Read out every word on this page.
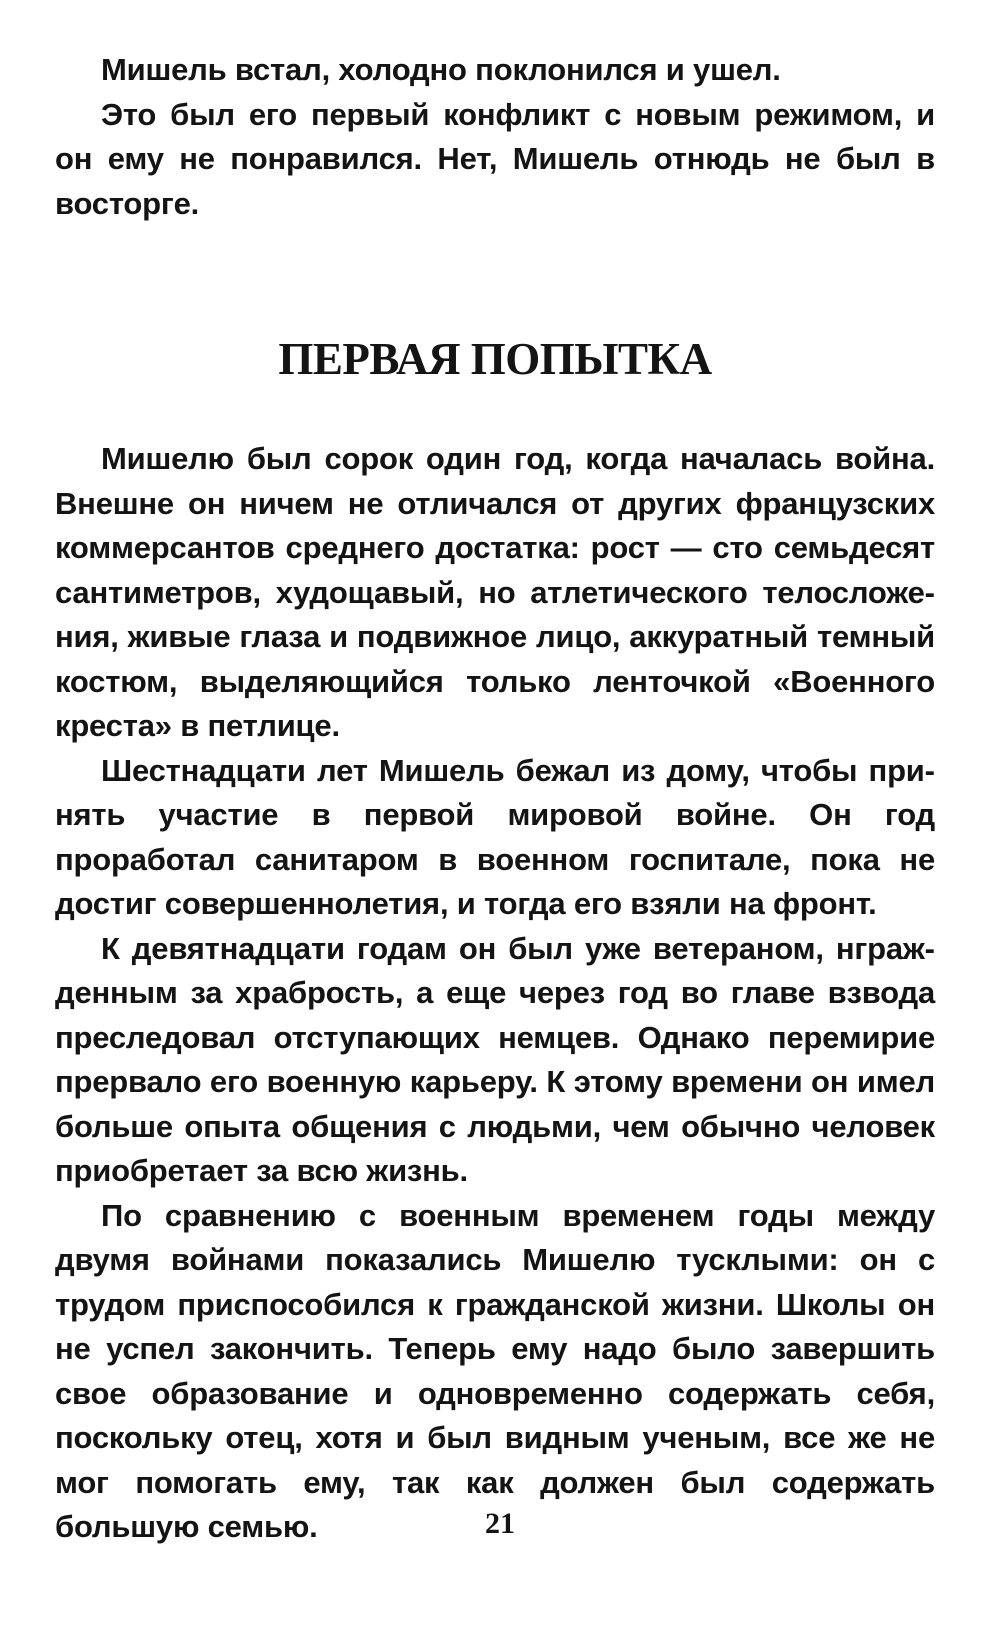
Мишель встал, холодно поклонился и ушел.

Это был его первый конфликт с новым режимом, и он ему не понравился. Нет, Мишель отнюдь не был в восторге.

ПЕРВАЯ ПОПЫТКА

Мишелю был сорок один год, когда началась война. Внешне он ничем не отличался от других французских коммерсантов среднего достатка: рост — сто семьдесят сантиметров, худощавый, но атлетического телосложения, живые глаза и подвижное лицо, аккуратный темный костюм, выделяющийся только ленточкой «Военного креста» в петлице.

Шестнадцати лет Мишель бежал из дому, чтобы принять участие в первой мировой войне. Он год проработал санитаром в военном госпитале, пока не достиг совершеннолетия, и тогда его взяли на фронт.

К девятнадцати годам он был уже ветераном, нгражденным за храбрость, а еще через год во главе взвода преследовал отступающих немцев. Однако перемирие прервало его военную карьеру. К этому времени он имел больше опыта общения с людьми, чем обычно человек приобретает за всю жизнь.

По сравнению с военным временем годы между двумя войнами показались Мишелю тусклыми: он с трудом приспособился к гражданской жизни. Школы он не успел закончить. Теперь ему надо было завершить свое образование и одновременно содержать себя, поскольку отец, хотя и был видным ученым, все же не мог помогать ему, так как должен был содержать большую семью.	21
